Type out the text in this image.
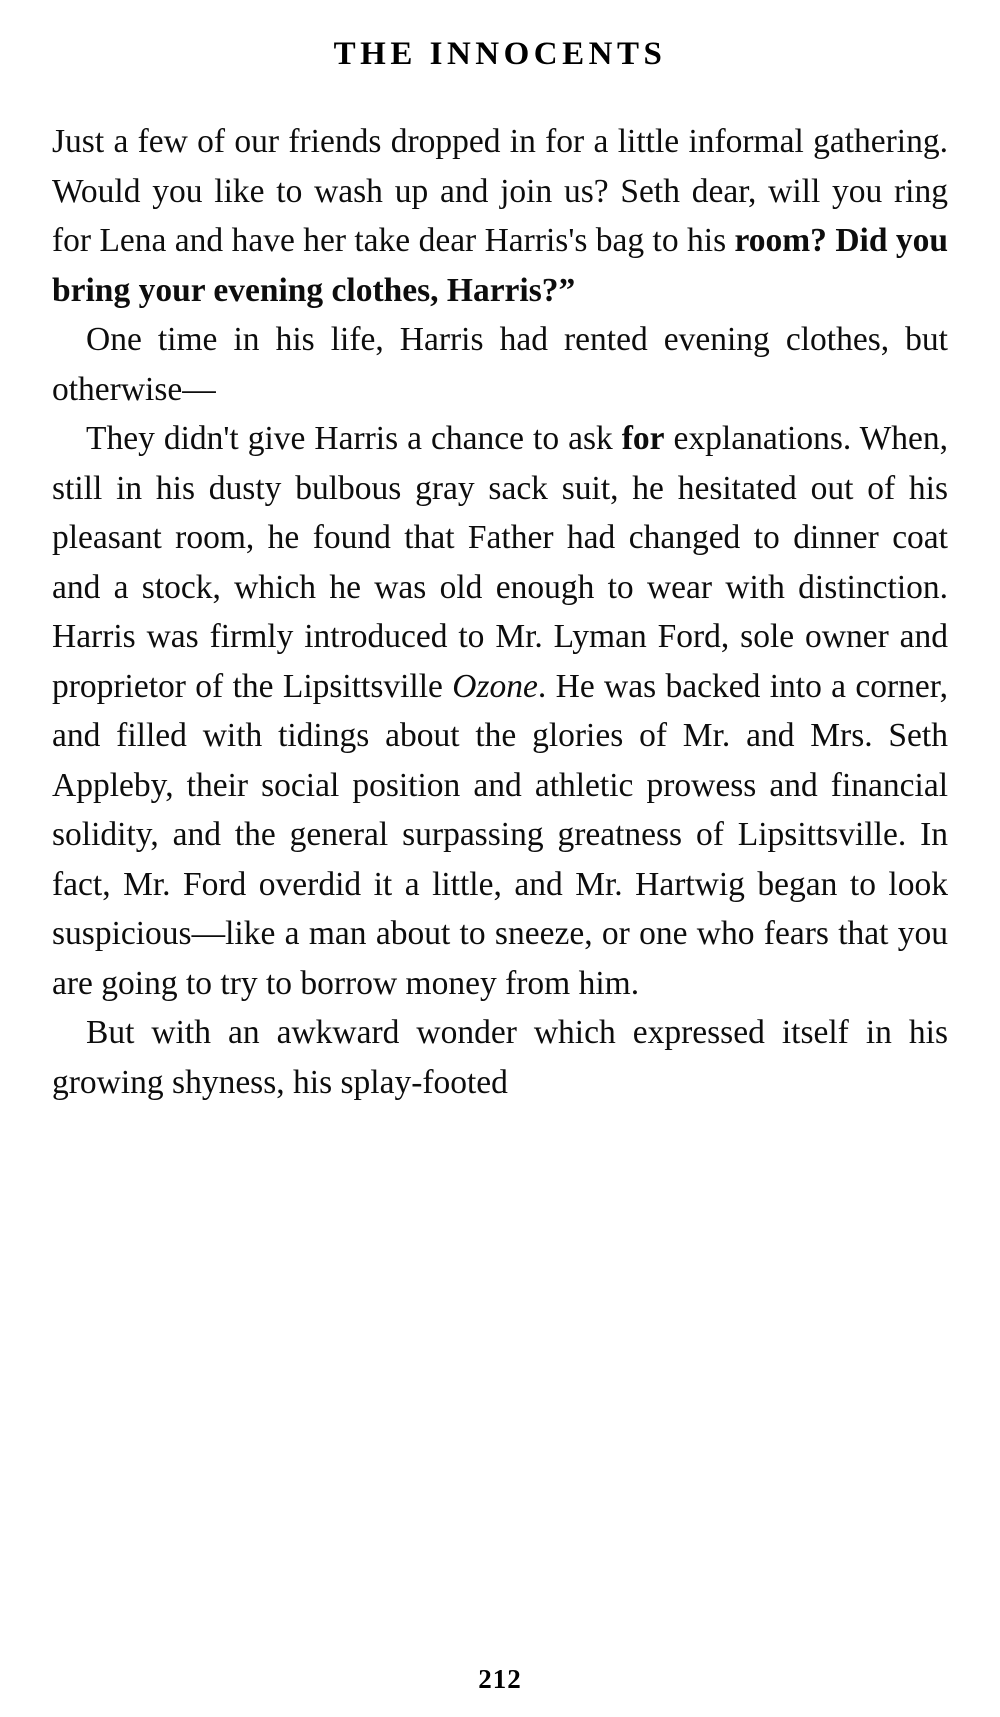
THE INNOCENTS

Just a few of our friends dropped in for a little informal gathering. Would you like to wash up and join us? Seth dear, will you ring for Lena and have her take dear Harris's bag to his room? Did you bring your evening clothes, Harris?”

One time in his life, Harris had rented evening clothes, but otherwise—

They didn't give Harris a chance to ask for explanations. When, still in his dusty bulbous gray sack suit, he hesitated out of his pleasant room, he found that Father had changed to dinner coat and a stock, which he was old enough to wear with distinction. Harris was firmly introduced to Mr. Lyman Ford, sole owner and proprietor of the Lipsittsville Ozone. He was backed into a corner, and filled with tidings about the glories of Mr. and Mrs. Seth Appleby, their social position and athletic prowess and financial solidity, and the general surpassing greatness of Lipsittsville. In fact, Mr. Ford overdid it a little, and Mr. Hartwig began to look suspicious—like a man about to sneeze, or one who fears that you are going to try to borrow money from him.

But with an awkward wonder which expressed itself in his growing shyness, his splay-footed

212
